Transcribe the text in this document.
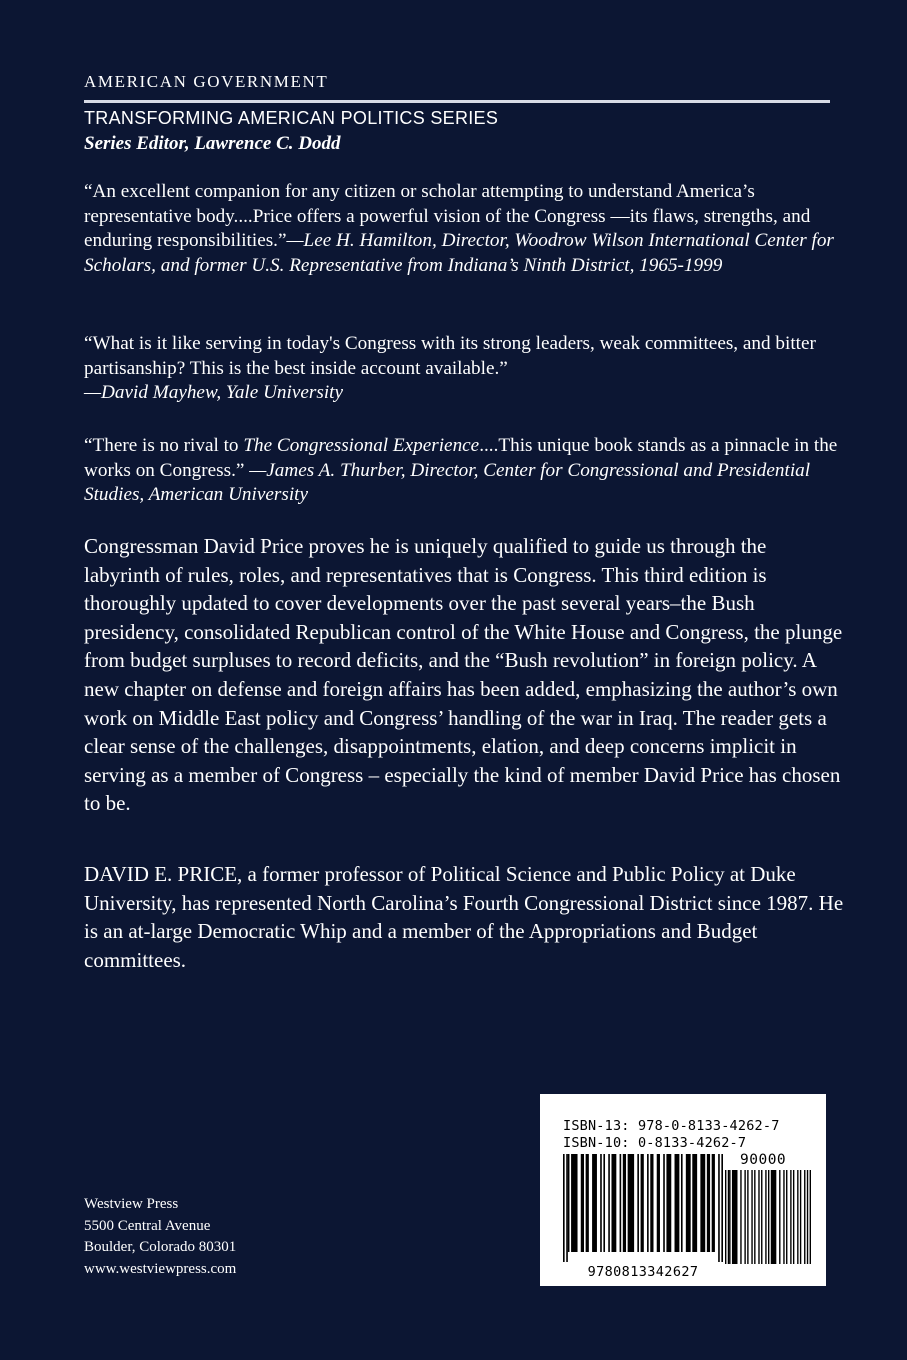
AMERICAN GOVERNMENT
TRANSFORMING AMERICAN POLITICS SERIES
Series Editor, Lawrence C. Dodd
“An excellent companion for any citizen or scholar attempting to understand America’s representative body....Price offers a powerful vision of the Congress —its flaws, strengths, and enduring responsibilities.”—Lee H. Hamilton, Director, Woodrow Wilson International Center for Scholars, and former U.S. Representative from Indiana’s Ninth District, 1965-1999
“What is it like serving in today's Congress with its strong leaders, weak committees, and bitter partisanship? This is the best inside account available.”
—David Mayhew, Yale University
“There is no rival to The Congressional Experience....This unique book stands as a pinnacle in the works on Congress.” —James A. Thurber, Director, Center for Congressional and Presidential Studies, American University
Congressman David Price proves he is uniquely qualified to guide us through the labyrinth of rules, roles, and representatives that is Congress. This third edition is thoroughly updated to cover developments over the past several years–the Bush presidency, consolidated Republican control of the White House and Congress, the plunge from budget surpluses to record deficits, and the “Bush revolution” in foreign policy. A new chapter on defense and foreign affairs has been added, emphasizing the author’s own work on Middle East policy and Congress’ handling of the war in Iraq. The reader gets a clear sense of the challenges, disappointments, elation, and deep concerns implicit in serving as a member of Congress – especially the kind of member David Price has chosen to be.
DAVID E. PRICE, a former professor of Political Science and Public Policy at Duke University, has represented North Carolina’s Fourth Congressional District since 1987. He is an at-large Democratic Whip and a member of the Appropriations and Budget committees.
Westview Press
5500 Central Avenue
Boulder, Colorado 80301
www.westviewpress.com
ISBN-13: 978-0-8133-4262-7
ISBN-10: 0-8133-4262-7
90000
9780813342627
